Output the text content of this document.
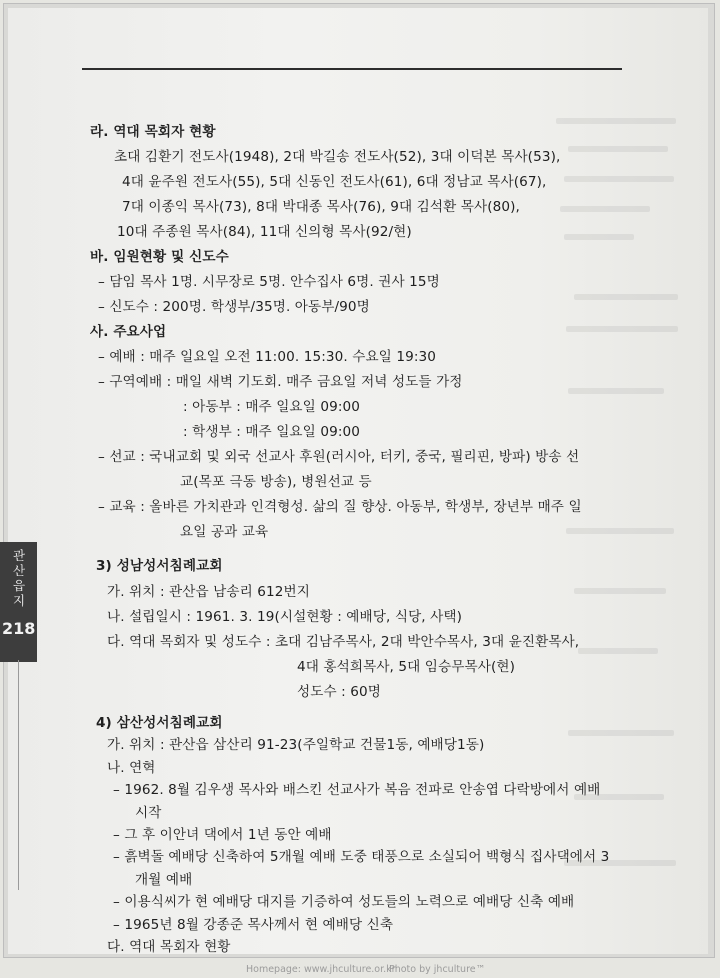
관산읍지
218
라. 역대 목회자 현황
초대 김환기 전도사(1948), 2대 박길송 전도사(52), 3대 이덕본 목사(53),
4대 윤주원 전도사(55), 5대 신동인 전도사(61), 6대 정남교 목사(67),
7대 이종익 목사(73), 8대 박대종 목사(76), 9대 김석환 목사(80),
10대 주종원 목사(84), 11대 신의형 목사(92/현)
바. 임원현황 및 신도수
– 담임 목사 1명. 시무장로 5명. 안수집사 6명. 권사 15명
– 신도수 : 200명. 학생부/35명. 아동부/90명
사. 주요사업
– 예배 : 매주 일요일 오전 11:00. 15:30. 수요일 19:30
– 구역예배 : 매일 새벽 기도회. 매주 금요일 저녁 성도들 가정
: 아동부 : 매주 일요일 09:00
: 학생부 : 매주 일요일 09:00
– 선교 : 국내교회 및 외국 선교사 후원(러시아, 터키, 중국, 필리핀, 방파) 방송 선
교(목포 극동 방송), 병원선교 등
– 교육 : 올바른 가치관과 인격형성. 삶의 질 향상. 아동부, 학생부, 장년부 매주 일
요일 공과 교육
3) 성남성서침례교회
가. 위치 : 관산읍 남송리 612번지
나. 설립일시 : 1961. 3. 19(시설현황 : 예배당, 식당, 사택)
다. 역대 목회자 및 성도수 : 초대 김남주목사, 2대 박안수목사, 3대 윤진환목사,
4대 홍석희목사, 5대 임승무목사(현)
성도수 : 60명
4) 삼산성서침례교회
가. 위치 : 관산읍 삼산리 91-23(주일학교 건물1동, 예배당1동)
나. 연혁
– 1962. 8월 김우생 목사와 배스킨 선교사가 복음 전파로 안송엽 다락방에서 예배
시작
– 그 후 이안녀 댁에서 1년 동안 예배
– 흙벽돌 예배당 신축하여 5개월 예배 도중 태풍으로 소실되어 백형식 집사댁에서 3
개월 예배
– 이용식씨가 현 예배당 대지를 기증하여 성도들의 노력으로 예배당 신축 예배
– 1965년 8월 강종준 목사께서 현 예배당 신축
다. 역대 목회자 현황
Homepage: www.jhculture.or.kr
Photo by jhculture™
